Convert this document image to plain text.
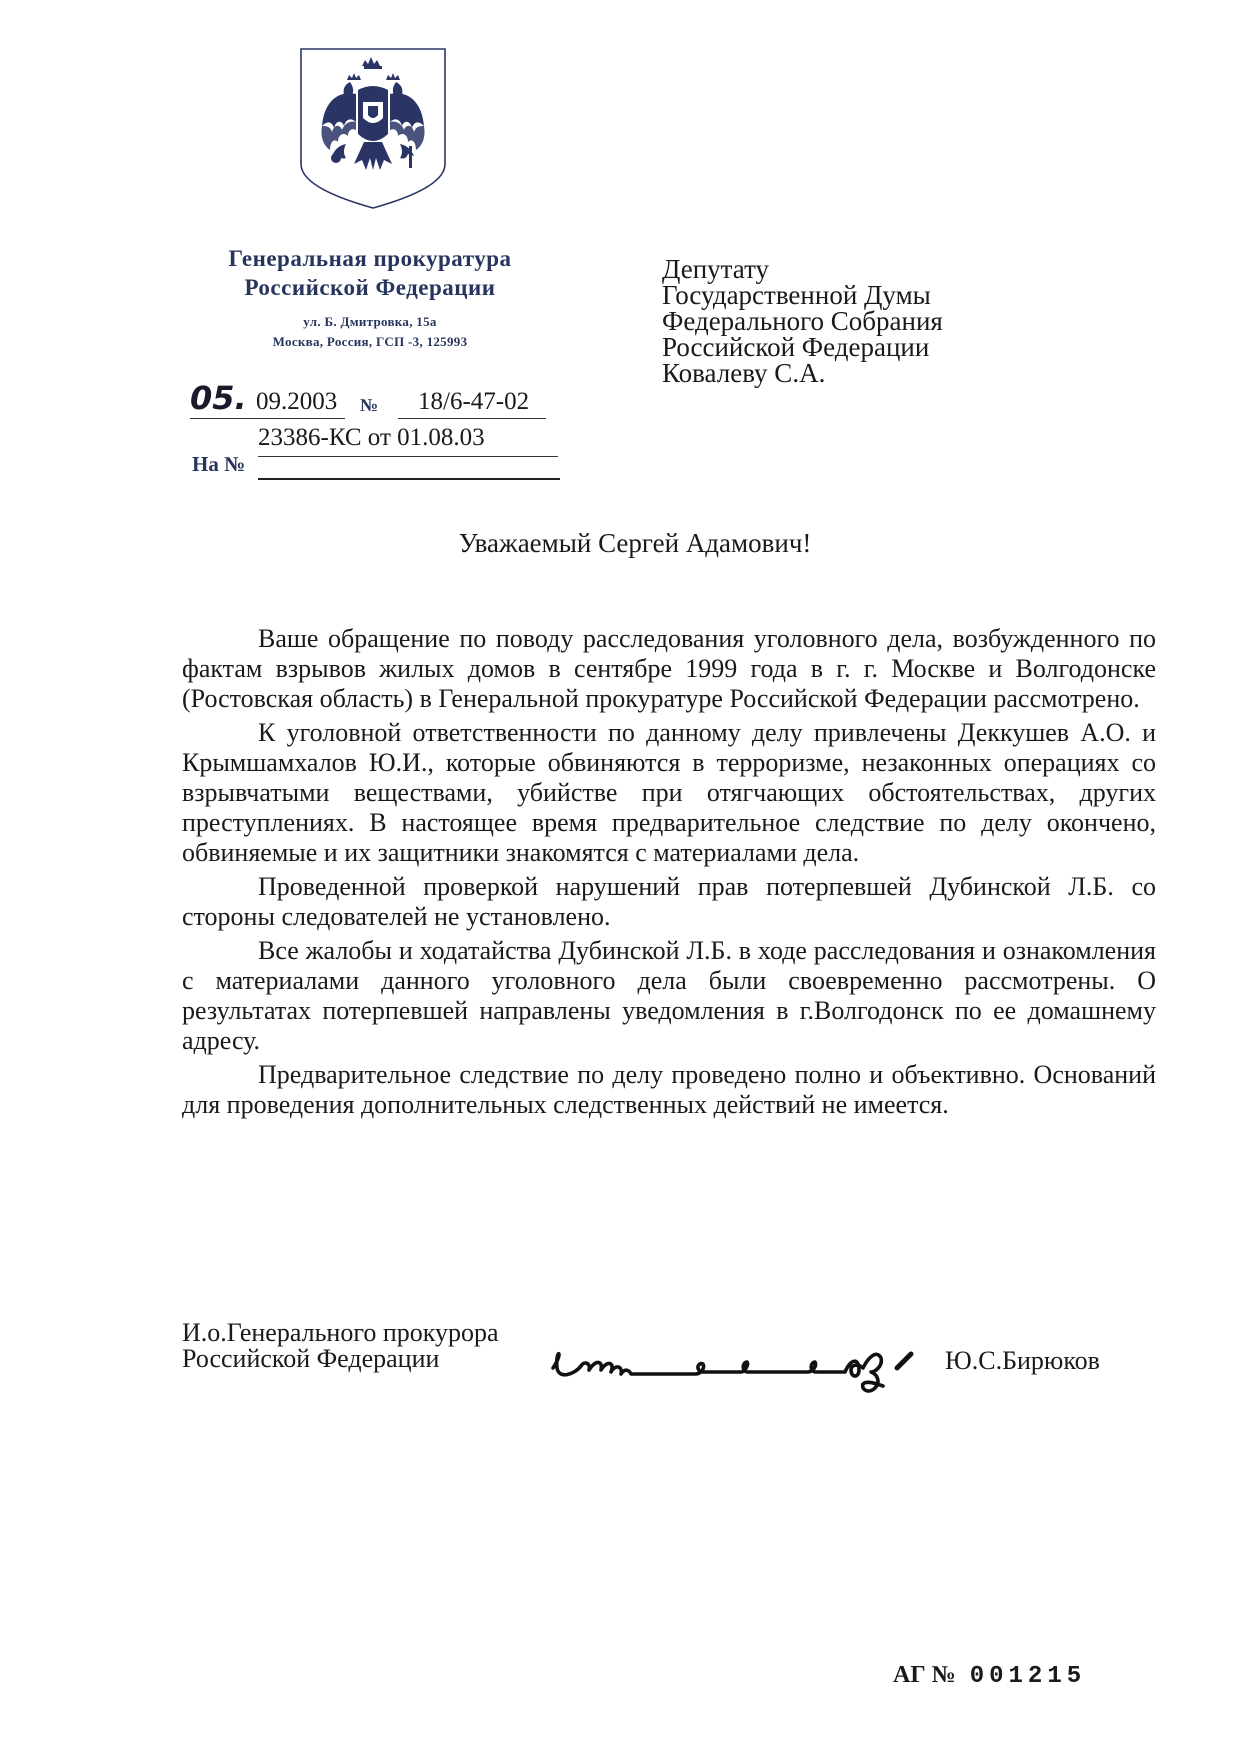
Генеральная прокуратура
Российской Федерации
ул. Б. Дмитровка, 15а
Москва, Россия, ГСП -3, 125993
05. 09.2003 № 18/6-47-02
23386-КС от 01.08.03
На №
Депутату
Государственной Думы
Федерального Собрания
Российской Федерации
Ковалеву С.А.
Уважаемый Сергей Адамович!

Ваше обращение по поводу расследования уголовного дела, возбужденного по фактам взрывов жилых домов в сентябре 1999 года в г. г. Москве и Волгодонске (Ростовская область) в Генеральной прокуратуре Российской Федерации рассмотрено.

К уголовной ответственности по данному делу привлечены Деккушев А.О. и Крымшамхалов Ю.И., которые обвиняются в терроризме, незаконных операциях со взрывчатыми веществами, убийстве при отягчающих обстоятельствах, других преступлениях. В настоящее время предварительное следствие по делу окончено, обвиняемые и их защитники знакомятся с материалами дела.

Проведенной проверкой нарушений прав потерпевшей Дубинской Л.Б. со стороны следователей не установлено.

Все жалобы и ходатайства Дубинской Л.Б. в ходе расследования и ознакомления с материалами данного уголовного дела были своевременно рассмотрены. О результатах потерпевшей направлены уведомления в г.Волгодонск по ее домашнему адресу.

Предварительное следствие по делу проведено полно и объективно. Оснований для проведения дополнительных следственных действий не имеется.

И.о.Генерального прокурора
Российской Федерации	Ю.С.Бирюков
АГ № 001215
